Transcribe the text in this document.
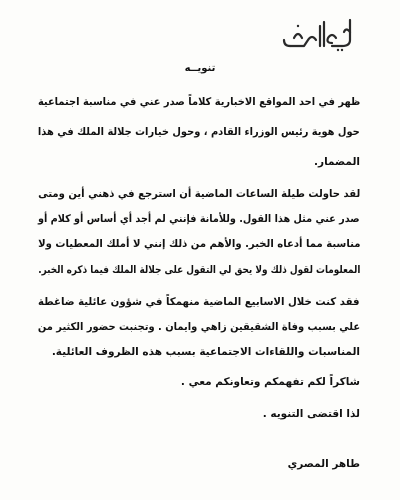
تنويــه
ظهر في احد المواقع الاخبارية كلاماً صدر عني في مناسبة اجتماعية
حول هوية رئيس الوزراء القادم ، وحول خيارات جلالة الملك في هذا
المضمار.
لقد حاولت طيلة الساعات الماضية أن استرجع في ذهني أين ومتى
صدر عني مثل هذا القول. وللأمانة فإنني لم أجد أي أساس أو كلام أو
مناسبة مما أدعاه الخبر. والأهم من ذلك إنني لا أملك المعطيات ولا
المعلومات لقول ذلك ولا يحق لي التقول على جلالة الملك فيما ذكره الخبر.
فقد كنت خلال الاسابيع الماضية منهمكاً في شؤون عائلية ضاغطة
علي بسبب وفاة الشقيقين زاهي وايمان . وتجنبت حضور الكثير من
المناسبات واللقاءات الاجتماعية بسبب هذه الظروف العائلية.
شاكراً لكم تفهمكم وتعاونكم معي .
لذا اقتضى التنويه .
طاهر المصري
